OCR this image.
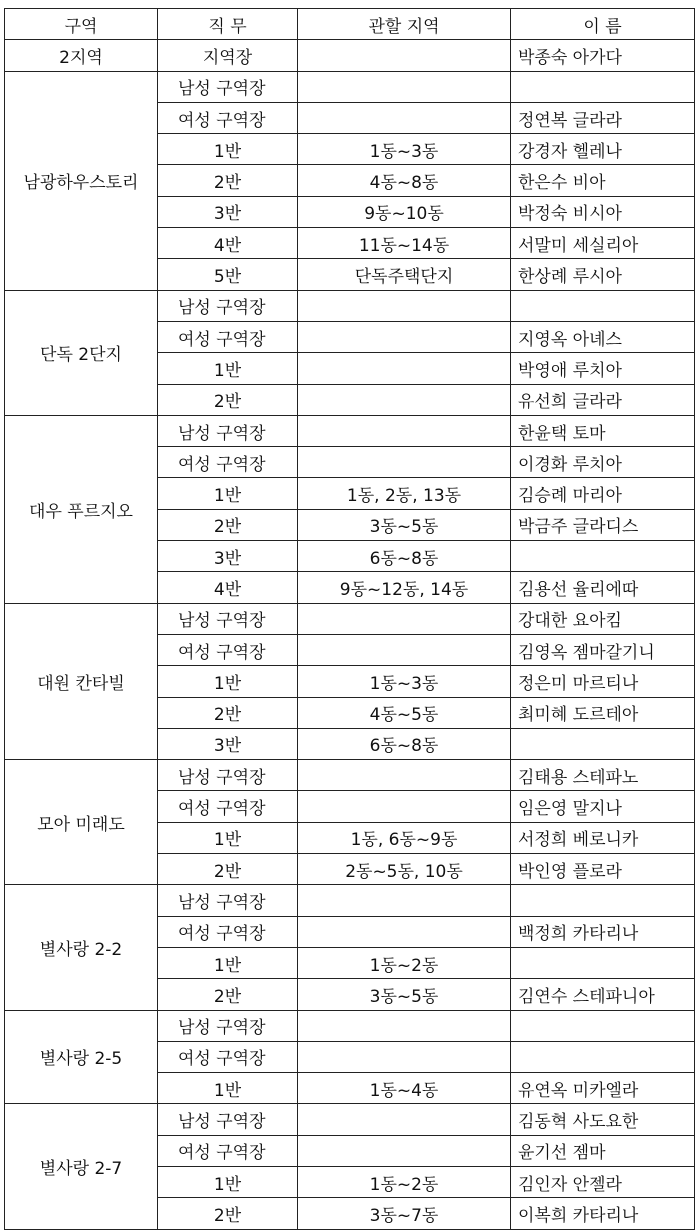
구역	직 무	관할 지역	이 름
2지역	지역장		박종숙 아가다
남광하우스토리	남성 구역장		
	여성 구역장		정연복 글라라
	1반	1동~3동	강경자 헬레나
	2반	4동~8동	한은수 비아
	3반	9동~10동	박정숙 비시아
	4반	11동~14동	서말미 세실리아
	5반	단독주택단지	한상례 루시아
단독 2단지	남성 구역장		
	여성 구역장		지영옥 아녜스
	1반		박영애 루치아
	2반		유선희 글라라
대우 푸르지오	남성 구역장		한윤택 토마
	여성 구역장		이경화 루치아
	1반	1동, 2동, 13동	김승례 마리아
	2반	3동~5동	박금주 글라디스
	3반	6동~8동	
	4반	9동~12동, 14동	김용선 율리에따
대원 칸타빌	남성 구역장		강대한 요아킴
	여성 구역장		김영옥 젬마갈기니
	1반	1동~3동	정은미 마르티나
	2반	4동~5동	최미혜 도르테아
	3반	6동~8동	
모아 미래도	남성 구역장		김태용 스테파노
	여성 구역장		임은영 말지나
	1반	1동, 6동~9동	서정희 베로니카
	2반	2동~5동, 10동	박인영 플로라
별사랑 2-2	남성 구역장		
	여성 구역장		백정희 카타리나
	1반	1동~2동	
	2반	3동~5동	김연수 스테파니아
별사랑 2-5	남성 구역장		
	여성 구역장		
	1반	1동~4동	유연옥 미카엘라
별사랑 2-7	남성 구역장		김동혁 사도요한
	여성 구역장		윤기선 젬마
	1반	1동~2동	김인자 안젤라
	2반	3동~7동	이복희 카타리나
